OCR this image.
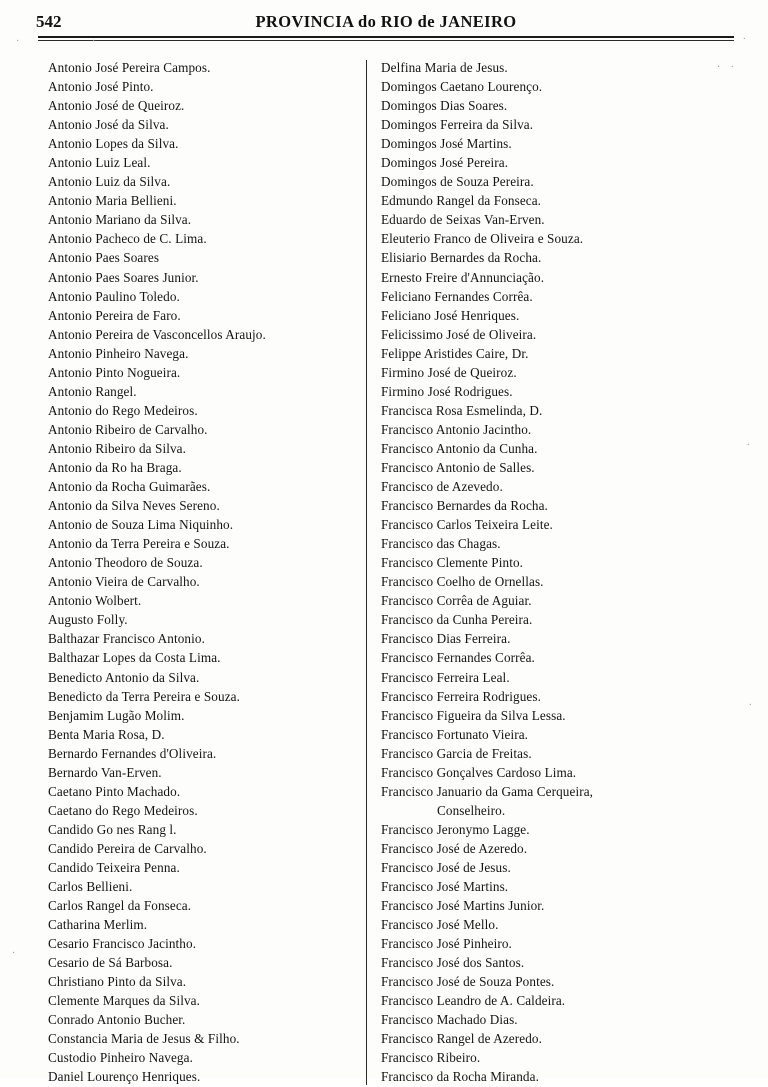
542	PROVINCIA do RIO de JANEIRO
Antonio José Pereira Campos.
Antonio José Pinto.
Antonio José de Queiroz.
Antonio José da Silva.
Antonio Lopes da Silva.
Antonio Luiz Leal.
Antonio Luiz da Silva.
Antonio Maria Bellieni.
Antonio Mariano da Silva.
Antonio Pacheco de C. Lima.
Antonio Paes Soares
Antonio Paes Soares Junior.
Antonio Paulino Toledo.
Antonio Pereira de Faro.
Antonio Pereira de Vasconcellos Araujo.
Antonio Pinheiro Navega.
Antonio Pinto Nogueira.
Antonio Rangel.
Antonio do Rego Medeiros.
Antonio Ribeiro de Carvalho.
Antonio Ribeiro da Silva.
Antonio da Ro ha Braga.
Antonio da Rocha Guimarães.
Antonio da Silva Neves Sereno.
Antonio de Souza Lima Niquinho.
Antonio da Terra Pereira e Souza.
Antonio Theodoro de Souza.
Antonio Vieira de Carvalho.
Antonio Wolbert.
Augusto Folly.
Balthazar Francisco Antonio.
Balthazar Lopes da Costa Lima.
Benedicto Antonio da Silva.
Benedicto da Terra Pereira e Souza.
Benjamim Lugão Molim.
Benta Maria Rosa, D.
Bernardo Fernandes d'Oliveira.
Bernardo Van-Erven.
Caetano Pinto Machado.
Caetano do Rego Medeiros.
Candido Go nes Rang l.
Candido Pereira de Carvalho.
Candido Teixeira Penna.
Carlos Bellieni.
Carlos Rangel da Fonseca.
Catharina Merlim.
Cesario Francisco Jacintho.
Cesario de Sá Barbosa.
Christiano Pinto da Silva.
Clemente Marques da Silva.
Conrado Antonio Bucher.
Constancia Maria de Jesus & Filho.
Custodio Pinheiro Navega.
Daniel Lourenço Henriques.
Delfina Maria de Jesus.
Domingos Caetano Lourenço.
Domingos Dias Soares.
Domingos Ferreira da Silva.
Domingos José Martins.
Domingos José Pereira.
Domingos de Souza Pereira.
Edmundo Rangel da Fonseca.
Eduardo de Seixas Van-Erven.
Eleuterio Franco de Oliveira e Souza.
Elisiario Bernardes da Rocha.
Ernesto Freire d'Annunciação.
Feliciano Fernandes Corrêa.
Feliciano José Henriques.
Felicissimo José de Oliveira.
Felippe Aristides Caire, Dr.
Firmino José de Queiroz.
Firmino José Rodrigues.
Francisca Rosa Esmelinda, D.
Francisco Antonio Jacintho.
Francisco Antonio da Cunha.
Francisco Antonio de Salles.
Francisco de Azevedo.
Francisco Bernardes da Rocha.
Francisco Carlos Teixeira Leite.
Francisco das Chagas.
Francisco Clemente Pinto.
Francisco Coelho de Ornellas.
Francisco Corrêa de Aguiar.
Francisco da Cunha Pereira.
Francisco Dias Ferreira.
Francisco Fernandes Corrêa.
Francisco Ferreira Leal.
Francisco Ferreira Rodrigues.
Francisco Figueira da Silva Lessa.
Francisco Fortunato Vieira.
Francisco Garcia de Freitas.
Francisco Gonçalves Cardoso Lima.
Francisco Januario da Gama Cerqueira,
Conselheiro.
Francisco Jeronymo Lagge.
Francisco José de Azeredo.
Francisco José de Jesus.
Francisco José Martins.
Francisco José Martins Junior.
Francisco José Mello.
Francisco José Pinheiro.
Francisco José dos Santos.
Francisco José de Souza Pontes.
Francisco Leandro de A. Caldeira.
Francisco Machado Dias.
Francisco Rangel de Azeredo.
Francisco Ribeiro.
Francisco da Rocha Miranda.
·	·	·
· ·
·
·
·
